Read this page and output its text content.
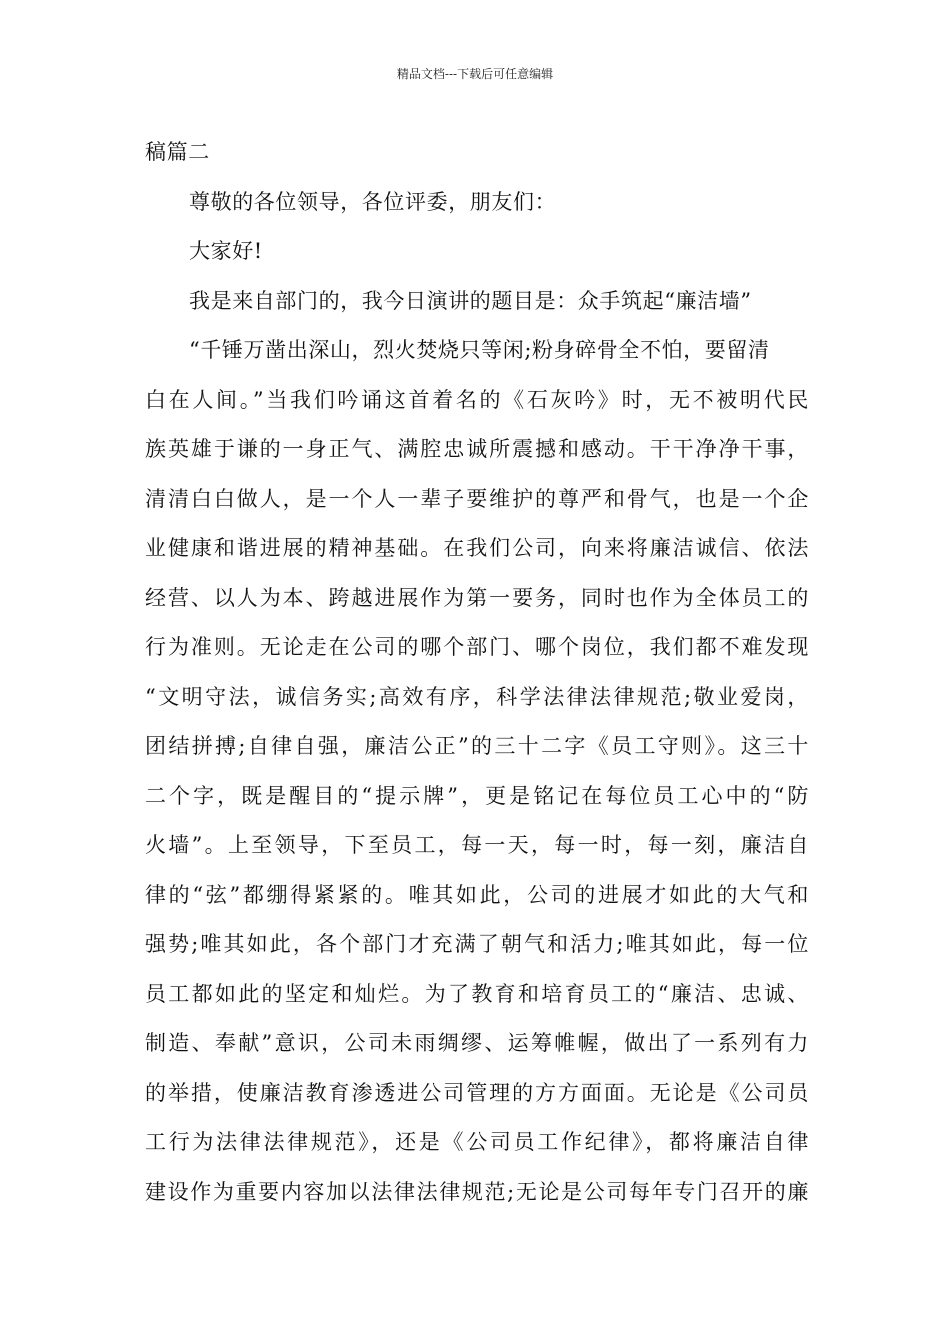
精品文档---下载后可任意编辑
稿篇二
尊敬的各位领导，各位评委，朋友们：
大家好!
我是来自部门的，我今日演讲的题目是：众手筑起“廉洁墙”
“千锤万凿出深山，烈火焚烧只等闲;粉身碎骨全不怕，要留清
白在人间。”当我们吟诵这首着名的《石灰吟》时，无不被明代民
族英雄于谦的一身正气、满腔忠诚所震撼和感动。干干净净干事，
清清白白做人，是一个人一辈子要维护的尊严和骨气，也是一个企
业健康和谐进展的精神基础。在我们公司，向来将廉洁诚信、依法
经营、以人为本、跨越进展作为第一要务，同时也作为全体员工的
行为准则。无论走在公司的哪个部门、哪个岗位，我们都不难发现
“文明守法，诚信务实;高效有序，科学法律法律规范;敬业爱岗，
团结拼搏;自律自强，廉洁公正”的三十二字《员工守则》。这三十
二个字，既是醒目的“提示牌”，更是铭记在每位员工心中的“防
火墙”。上至领导，下至员工，每一天，每一时，每一刻，廉洁自
律的“弦”都绷得紧紧的。唯其如此，公司的进展才如此的大气和
强势;唯其如此，各个部门才充满了朝气和活力;唯其如此，每一位
员工都如此的坚定和灿烂。为了教育和培育员工的“廉洁、忠诚、
制造、奉献”意识，公司未雨绸缪、运筹帷幄，做出了一系列有力
的举措，使廉洁教育渗透进公司管理的方方面面。无论是《公司员
工行为法律法律规范》，还是《公司员工作纪律》，都将廉洁自律
建设作为重要内容加以法律法律规范;无论是公司每年专门召开的廉
